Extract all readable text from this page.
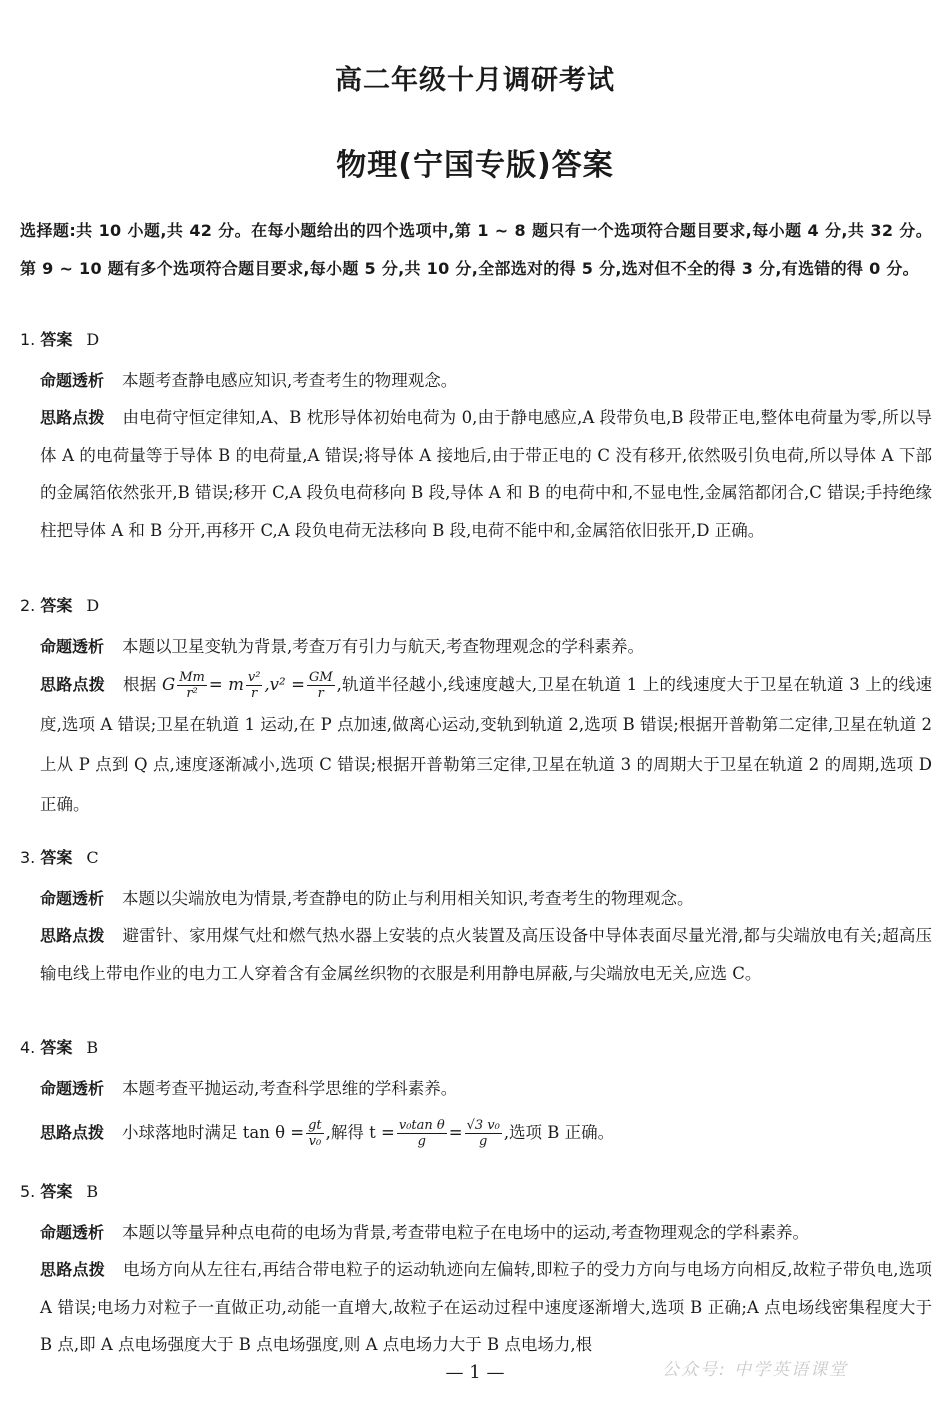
高二年级十月调研考试
物理(宁国专版)答案
选择题:共 10 小题,共 42 分。在每小题给出的四个选项中,第 1 ~ 8 题只有一个选项符合题目要求,每小题 4 分,共 32 分。第 9 ~ 10 题有多个选项符合题目要求,每小题 5 分,共 10 分,全部选对的得 5 分,选对但不全的得 3 分,有选错的得 0 分。
1. 答案 D
命题透析 本题考查静电感应知识,考查考生的物理观念。
思路点拨 由电荷守恒定律知,A、B 枕形导体初始电荷为 0,由于静电感应,A 段带负电,B 段带正电,整体电荷量为零,所以导体 A 的电荷量等于导体 B 的电荷量,A 错误;将导体 A 接地后,由于带正电的 C 没有移开,依然吸引负电荷,所以导体 A 下部的金属箔依然张开,B 错误;移开 C,A 段负电荷移向 B 段,导体 A 和 B 的电荷中和,不显电性,金属箔都闭合,C 错误;手持绝缘柱把导体 A 和 B 分开,再移开 C,A 段负电荷无法移向 B 段,电荷不能中和,金属箔依旧张开,D 正确。
2. 答案 D
命题透析 本题以卫星变轨为背景,考查万有引力与航天,考查物理观念的学科素养。
思路点拨 根据 G $\frac{Mm}{\text{r²}} = m \frac{\text{v²}}{r} ,v^2 = \frac{GM}{r}$ ,轨道半径越小,线速度越大,卫星在轨道 1 上的线速度大于卫星在轨道 3 上的线速度,选项 A 错误;卫星在轨道 1 运动,在 P 点加速,做离心运动,变轨到轨道 2,选项 B 错误;根据开普勒第二定律,卫星在轨道 2 上从 P 点到 Q 点,速度逐渐减小,选项 C 错误;根据开普勒第三定律,卫星在轨道 3 的周期大于卫星在轨道 2 的周期,选项 D 正确。
3. 答案 C
命题透析 本题以尖端放电为情景,考查静电的防止与利用相关知识,考查考生的物理观念。
思路点拨 避雷针、家用煤气灶和燃气热水器上安装的点火装置及高压设备中导体表面尽量光滑,都与尖端放电有关;超高压输电线上带电作业的电力工人穿着含有金属丝织物的衣服是利用静电屏蔽,与尖端放电无关,应选 C。
4. 答案 B
命题透析 本题考查平抛运动,考查科学思维的学科素养。
思路点拨 小球落地时满足 $\tan \theta = \frac{gt}{\text{v₀}}$ ,解得 $t = \frac{\text{v₀tan θ}}{g} = \frac{\text{√3 v₀}}{g}$ ,选项 B 正确。
5. 答案 B
命题透析 本题以等量异种点电荷的电场为背景,考查带电粒子在电场中的运动,考查物理观念的学科素养。
思路点拨 电场方向从左往右,再结合带电粒子的运动轨迹向左偏转,即粒子的受力方向与电场方向相反,故粒子带负电,选项 A 错误;电场力对粒子一直做正功,动能一直增大,故粒子在运动过程中速度逐渐增大,选项 B 正确;A 点电场线密集程度大于 B 点,即 A 点电场强度大于 B 点电场强度,则 A 点电场力大于 B 点电场力,根
公众号: 中学英语课堂
— 1 —
